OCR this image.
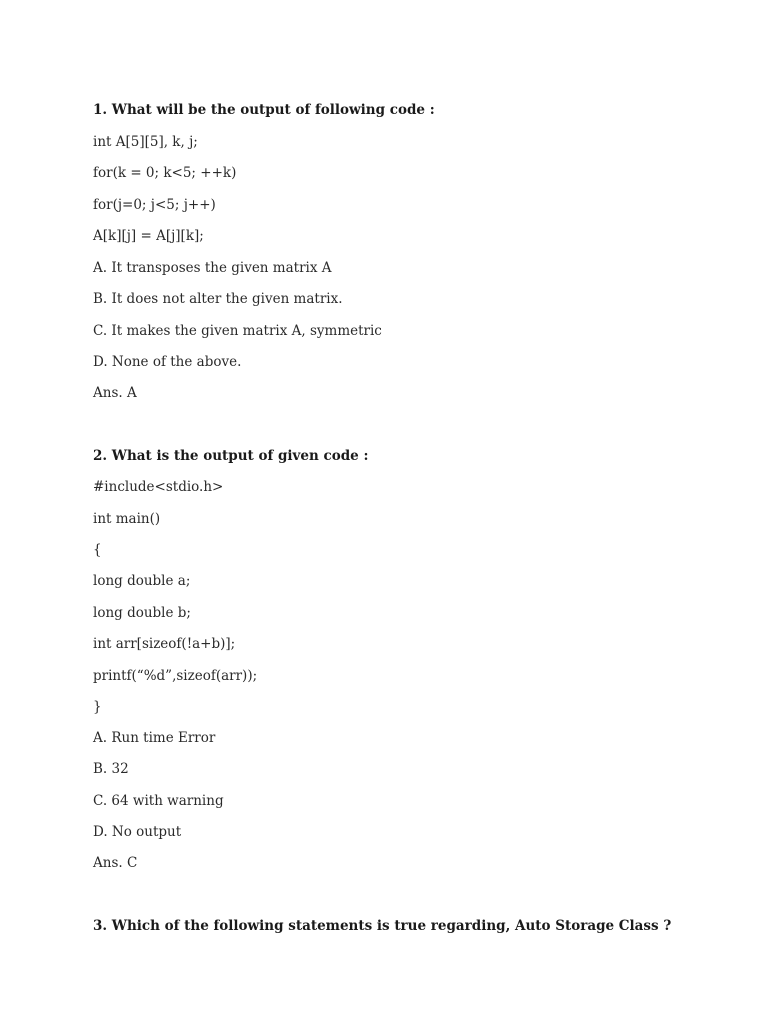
1. What will be the output of following code :
int A[5][5], k, j;
for(k = 0; k<5; ++k)
for(j=0; j<5; j++)
A[k][j] = A[j][k];
A. It transposes the given matrix A
B. It does not alter the given matrix.
C. It makes the given matrix A, symmetric
D. None of the above.
Ans. A
2. What is the output of given code :
#include<stdio.h>
int main()
{
long double a;
long double b;
int arr[sizeof(!a+b)];
printf(“%d”,sizeof(arr));
}
A. Run time Error
B. 32
C. 64 with warning
D. No output
Ans. C
3. Which of the following statements is true regarding, Auto Storage Class ?
